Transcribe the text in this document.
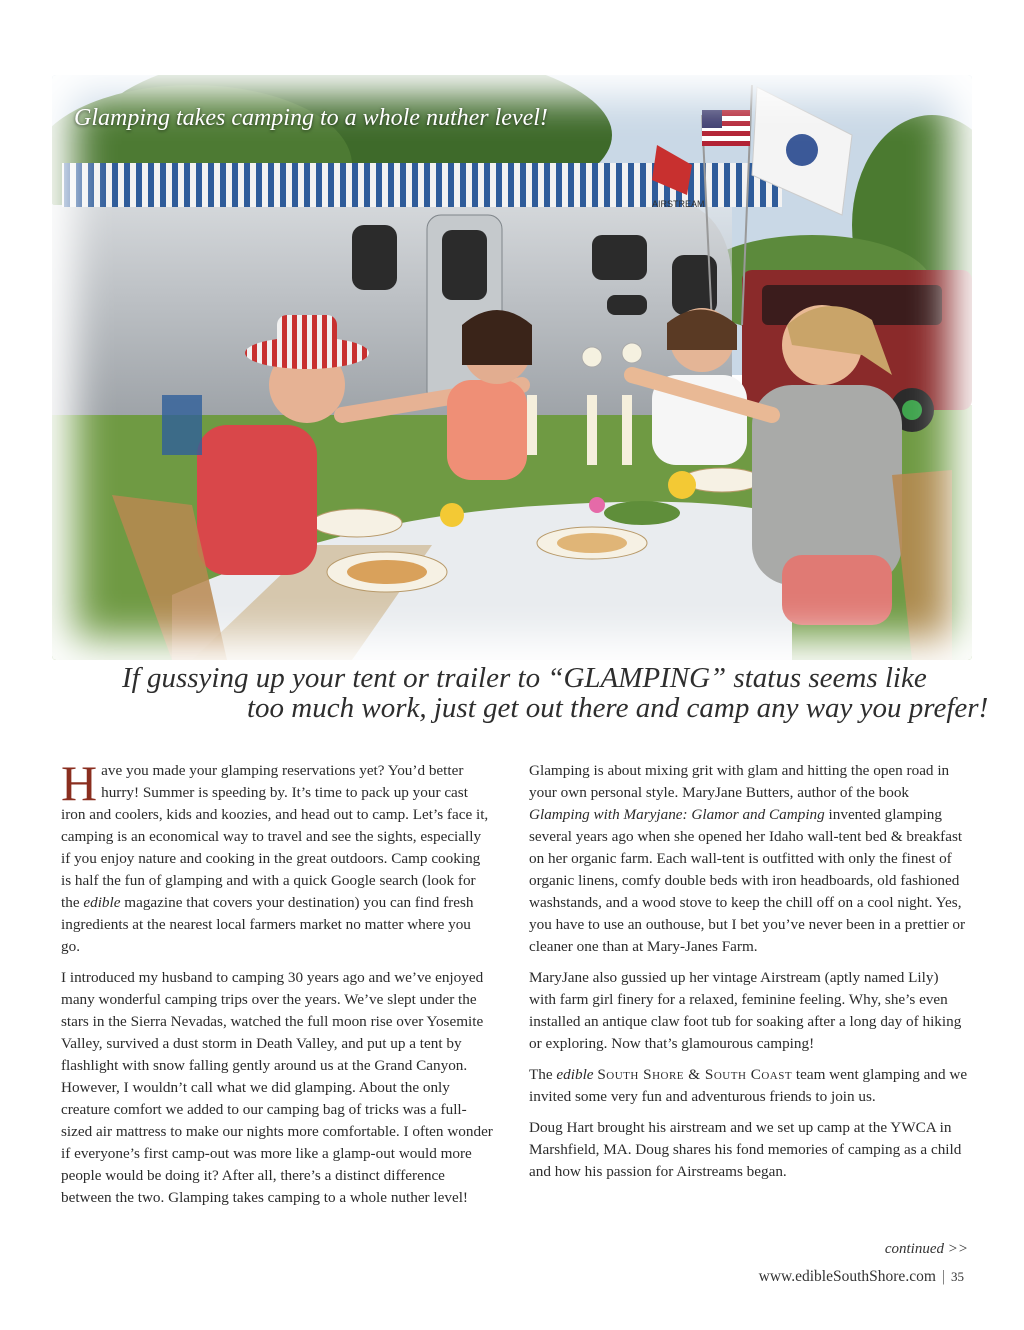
AIRSTREAM
Glamping takes camping to a whole nuther level!
If gussying up your tent or trailer to “GLAMPING” status seems like
too much work, just get out there and camp any way you prefer!

Have you made your glamping reservations yet? You’d better hurry! Summer is speeding by. It’s time to pack up your cast iron and coolers, kids and koozies, and head out to camp. Let’s face it, camping is an economical way to travel and see the sights, especially if you enjoy nature and cooking in the great outdoors. Camp cooking is half the fun of glamping and with a quick Google search (look for the edible magazine that covers your destination) you can find fresh ingredients at the nearest local farmers market no matter where you go.

I introduced my husband to camping 30 years ago and we’ve enjoyed many wonderful camping trips over the years. We’ve slept under the stars in the Sierra Nevadas, watched the full moon rise over Yosemite Valley, survived a dust storm in Death Valley, and put up a tent by flashlight with snow falling gently around us at the Grand Canyon. However, I wouldn’t call what we did glamping. About the only creature comfort we added to our camping bag of tricks was a full-sized air mattress to make our nights more comfortable. I often wonder if everyone’s first camp-out was more like a glamp-out would more people would be doing it? After all, there’s a distinct difference between the two. Glamping takes camping to a whole nuther level!

Glamping is about mixing grit with glam and hitting the open road in your own personal style. MaryJane Butters, author of the book Glamping with Maryjane: Glamor and Camping invented glamping several years ago when she opened her Idaho wall-tent bed & breakfast on her organic farm. Each wall-tent is outfitted with only the finest of organic linens, comfy double beds with iron headboards, old fashioned washstands, and a wood stove to keep the chill off on a cool night. Yes, you have to use an outhouse, but I bet you’ve never been in a prettier or cleaner one than at Mary-Janes Farm.

MaryJane also gussied up her vintage Airstream (aptly named Lily) with farm girl finery for a relaxed, feminine feeling. Why, she’s even installed an antique claw foot tub for soaking after a long day of hiking or exploring. Now that’s glamourous camping!

The edible South Shore & South Coast team went glamping and we invited some very fun and adventurous friends to join us.

Doug Hart brought his airstream and we set up camp at the YWCA in Marshfield, MA. Doug shares his fond memories of camping as a child and how his passion for Airstreams began.

continued >>
www.edibleSouthShore.com | 35
